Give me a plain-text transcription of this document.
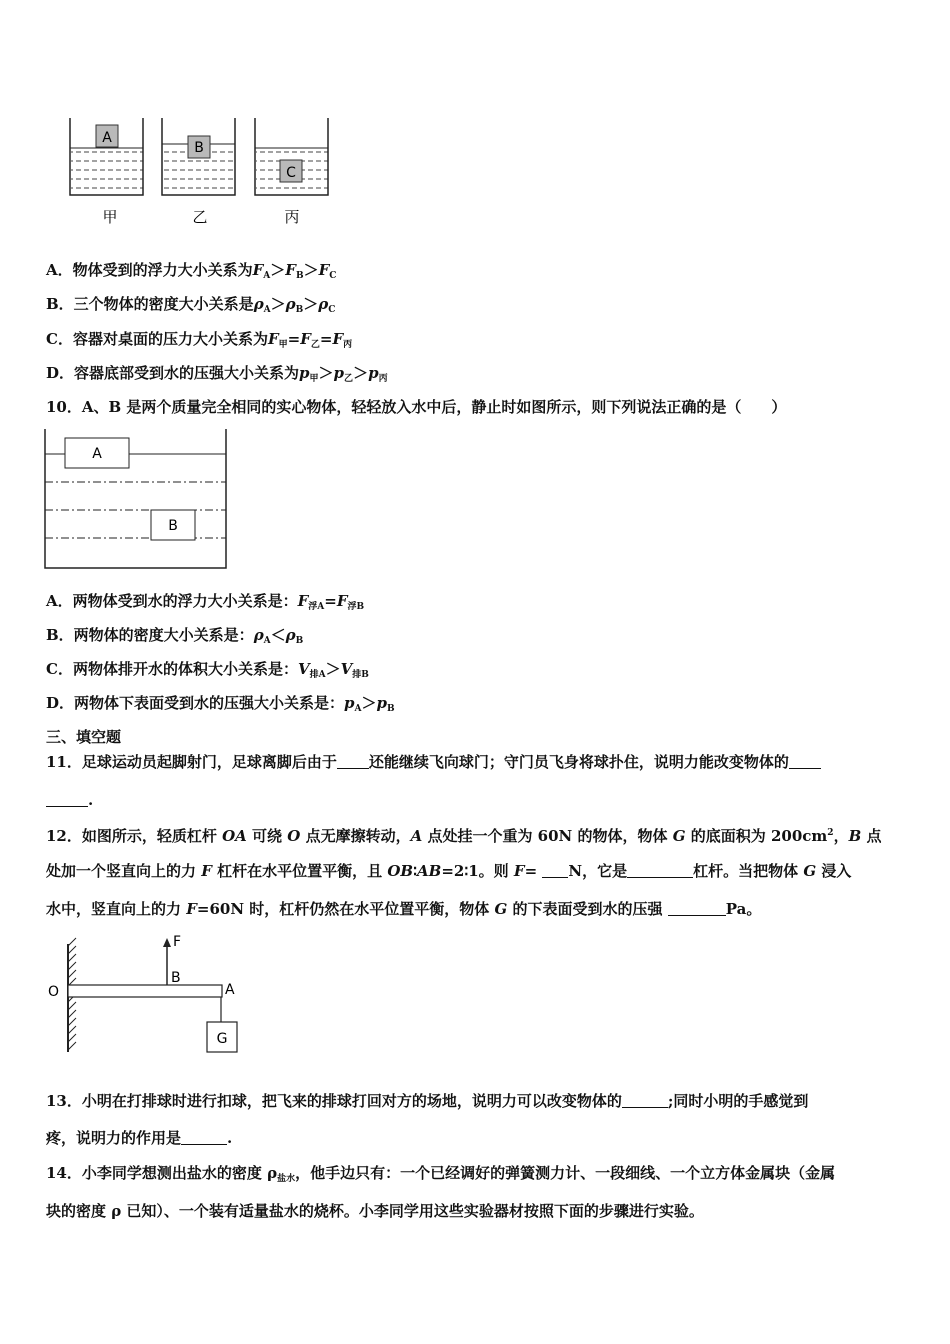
A
甲
B
乙
C
丙
A．物体受到的浮力大小关系为$F_A>F_B>F_C$
B．三个物体的密度大小关系是$\rho_A>\rho_B>\rho_C$
C．容器对桌面的压力大小关系为$F_甲=F_乙=F_丙$
D．容器底部受到水的压强大小关系为$p_甲>p_乙>p_丙$
10．A、B 是两个质量完全相同的实心物体，轻轻放入水中后，静止时如图所示，则下列说法正确的是（　　）
A
B
A．两物体受到水的浮力大小关系是：$F_{浮A}=F_{浮B}$
B．两物体的密度大小关系是：$\rho_A<\rho_B$
C．两物体排开水的体积大小关系是：$V_{排A}>V_{排B}$
D．两物体下表面受到水的压强大小关系是：$p_A>p_B$
三、填空题
11．足球运动员起脚射门，足球离脚后由于 还能继续飞向球门；守门员飞身将球扑住，说明力能改变物体的
.
12．如图所示，轻质杠杆 OA 可绕 O 点无摩擦转动，A 点处挂一个重为 60N 的物体，物体 G 的底面积为 $200cm^2$，B 点
处加一个竖直向上的力 F 杠杆在水平位置平衡，且 OB∶AB=2∶1。则 F= N，它是	杠杆。当把物体 G 浸入
水中，竖直向上的力 F=60N 时，杠杆仍然在水平位置平衡，物体 G 的下表面受到水的压强	Pa。
F
B
O	A
G
13．小明在打排球时进行扣球，把飞来的排球打回对方的场地，说明力可以改变物体的	;同时小明的手感觉到
疼，说明力的作用是	.
14．小李同学想测出盐水的密度 $\rho_{盐水}$，他手边只有：一个已经调好的弹簧测力计、一段细线、一个立方体金属块（金属
块的密度 ρ 已知）、一个装有适量盐水的烧杯。小李同学用这些实验器材按照下面的步骤进行实验。
